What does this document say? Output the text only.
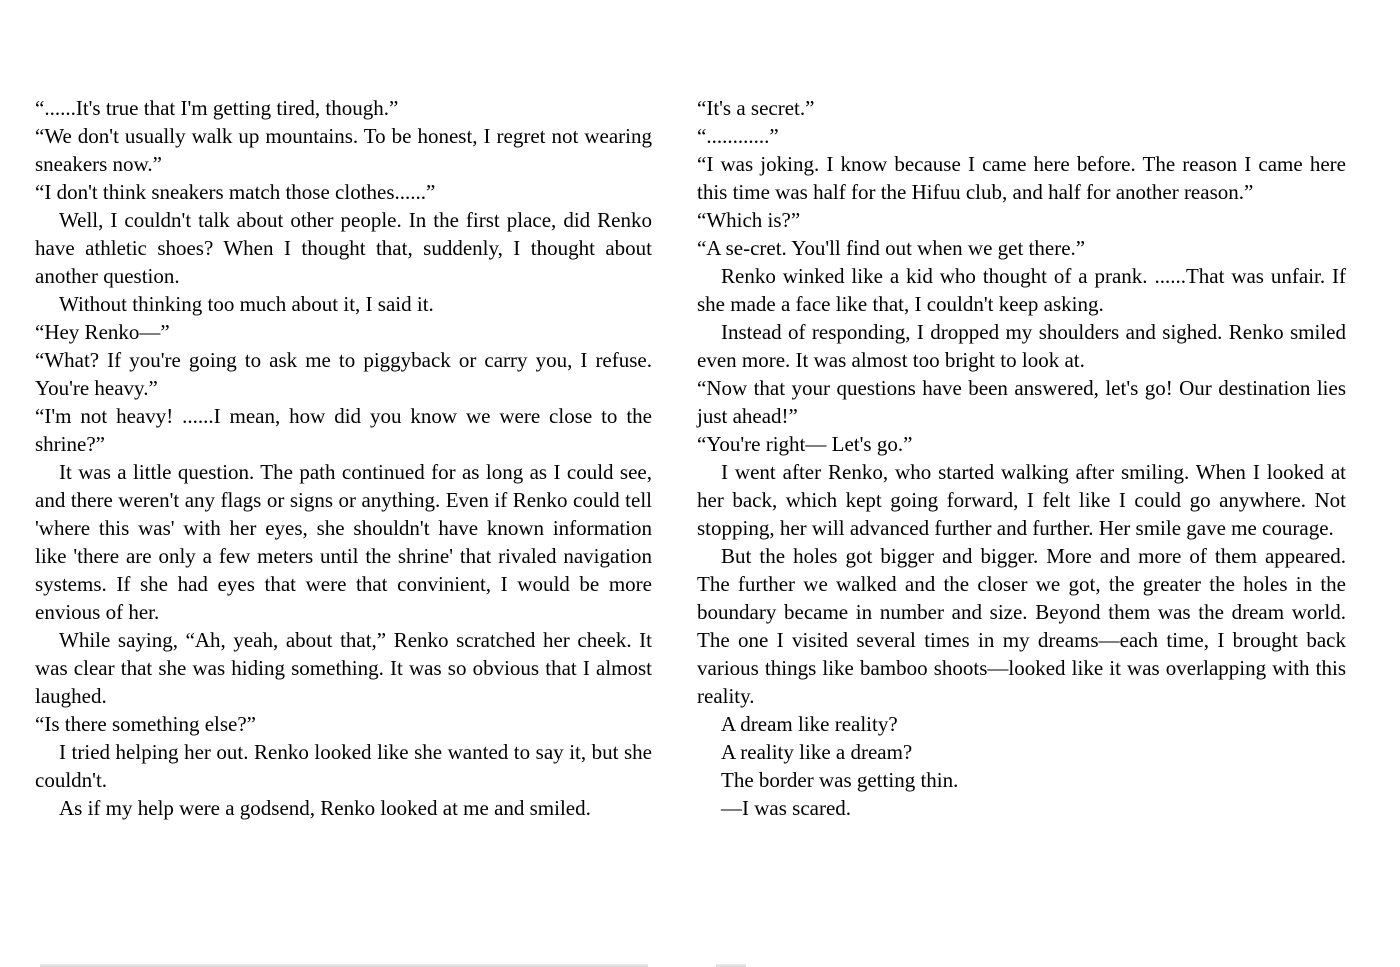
“......It's true that I'm getting tired, though.”

“We don't usually walk up mountains. To be honest, I regret not wearing sneakers now.”

“I don't think sneakers match those clothes......”

Well, I couldn't talk about other people. In the first place, did Renko have athletic shoes? When I thought that, suddenly, I thought about another question.

Without thinking too much about it, I said it.

“Hey Renko—”

“What? If you're going to ask me to piggyback or carry you, I refuse. You're heavy.”

“I'm not heavy! ......I mean, how did you know we were close to the shrine?”

It was a little question. The path continued for as long as I could see, and there weren't any flags or signs or anything. Even if Renko could tell 'where this was' with her eyes, she shouldn't have known information like 'there are only a few meters until the shrine' that rivaled navigation systems. If she had eyes that were that convinient, I would be more envious of her.

While saying, “Ah, yeah, about that,” Renko scratched her cheek. It was clear that she was hiding something. It was so obvious that I almost laughed.

“Is there something else?”

I tried helping her out. Renko looked like she wanted to say it, but she couldn't.

As if my help were a godsend, Renko looked at me and smiled.

“It's a secret.”

“............”

“I was joking. I know because I came here before. The reason I came here this time was half for the Hifuu club, and half for another reason.”

“Which is?”

“A se-cret. You'll find out when we get there.”

Renko winked like a kid who thought of a prank. ......That was unfair. If she made a face like that, I couldn't keep asking.

Instead of responding, I dropped my shoulders and sighed. Renko smiled even more. It was almost too bright to look at.

“Now that your questions have been answered, let's go! Our destination lies just ahead!”

“You're right— Let's go.”

I went after Renko, who started walking after smiling. When I looked at her back, which kept going forward, I felt like I could go anywhere. Not stopping, her will advanced further and further. Her smile gave me courage.

But the holes got bigger and bigger. More and more of them appeared. The further we walked and the closer we got, the greater the holes in the boundary became in number and size. Beyond them was the dream world. The one I visited several times in my dreams—each time, I brought back various things like bamboo shoots—looked like it was overlapping with this reality.

A dream like reality?

A reality like a dream?

The border was getting thin.

—I was scared.
